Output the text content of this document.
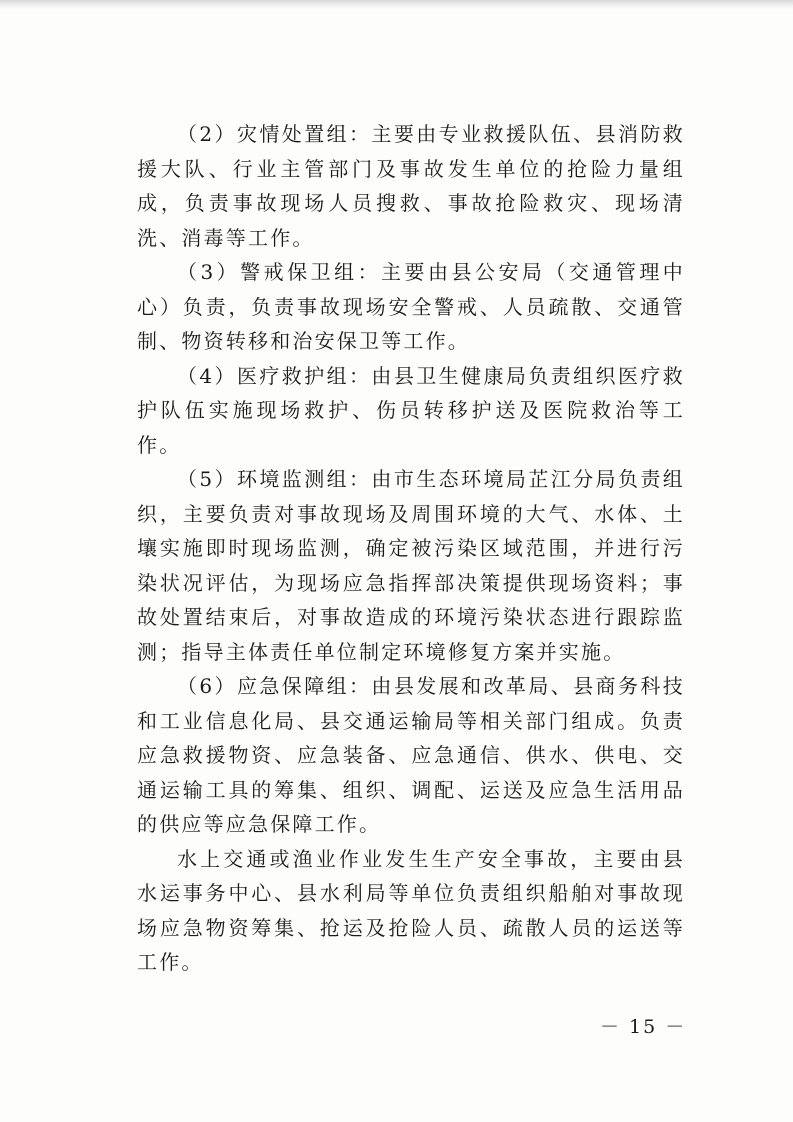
（2）灾情处置组：主要由专业救援队伍、县消防救援大队、行业主管部门及事故发生单位的抢险力量组成，负责事故现场人员搜救、事故抢险救灾、现场清洗、消毒等工作。

（3）警戒保卫组：主要由县公安局（交通管理中心）负责，负责事故现场安全警戒、人员疏散、交通管制、物资转移和治安保卫等工作。

（4）医疗救护组：由县卫生健康局负责组织医疗救护队伍实施现场救护、伤员转移护送及医院救治等工作。

（5）环境监测组：由市生态环境局芷江分局负责组织，主要负责对事故现场及周围环境的大气、水体、土壤实施即时现场监测，确定被污染区域范围，并进行污染状况评估，为现场应急指挥部决策提供现场资料；事故处置结束后，对事故造成的环境污染状态进行跟踪监测；指导主体责任单位制定环境修复方案并实施。

（6）应急保障组：由县发展和改革局、县商务科技和工业信息化局、县交通运输局等相关部门组成。负责应急救援物资、应急装备、应急通信、供水、供电、交通运输工具的筹集、组织、调配、运送及应急生活用品的供应等应急保障工作。

水上交通或渔业作业发生生产安全事故，主要由县水运事务中心、县水利局等单位负责组织船舶对事故现场应急物资筹集、抢运及抢险人员、疏散人员的运送等工作。

－ 15 －
